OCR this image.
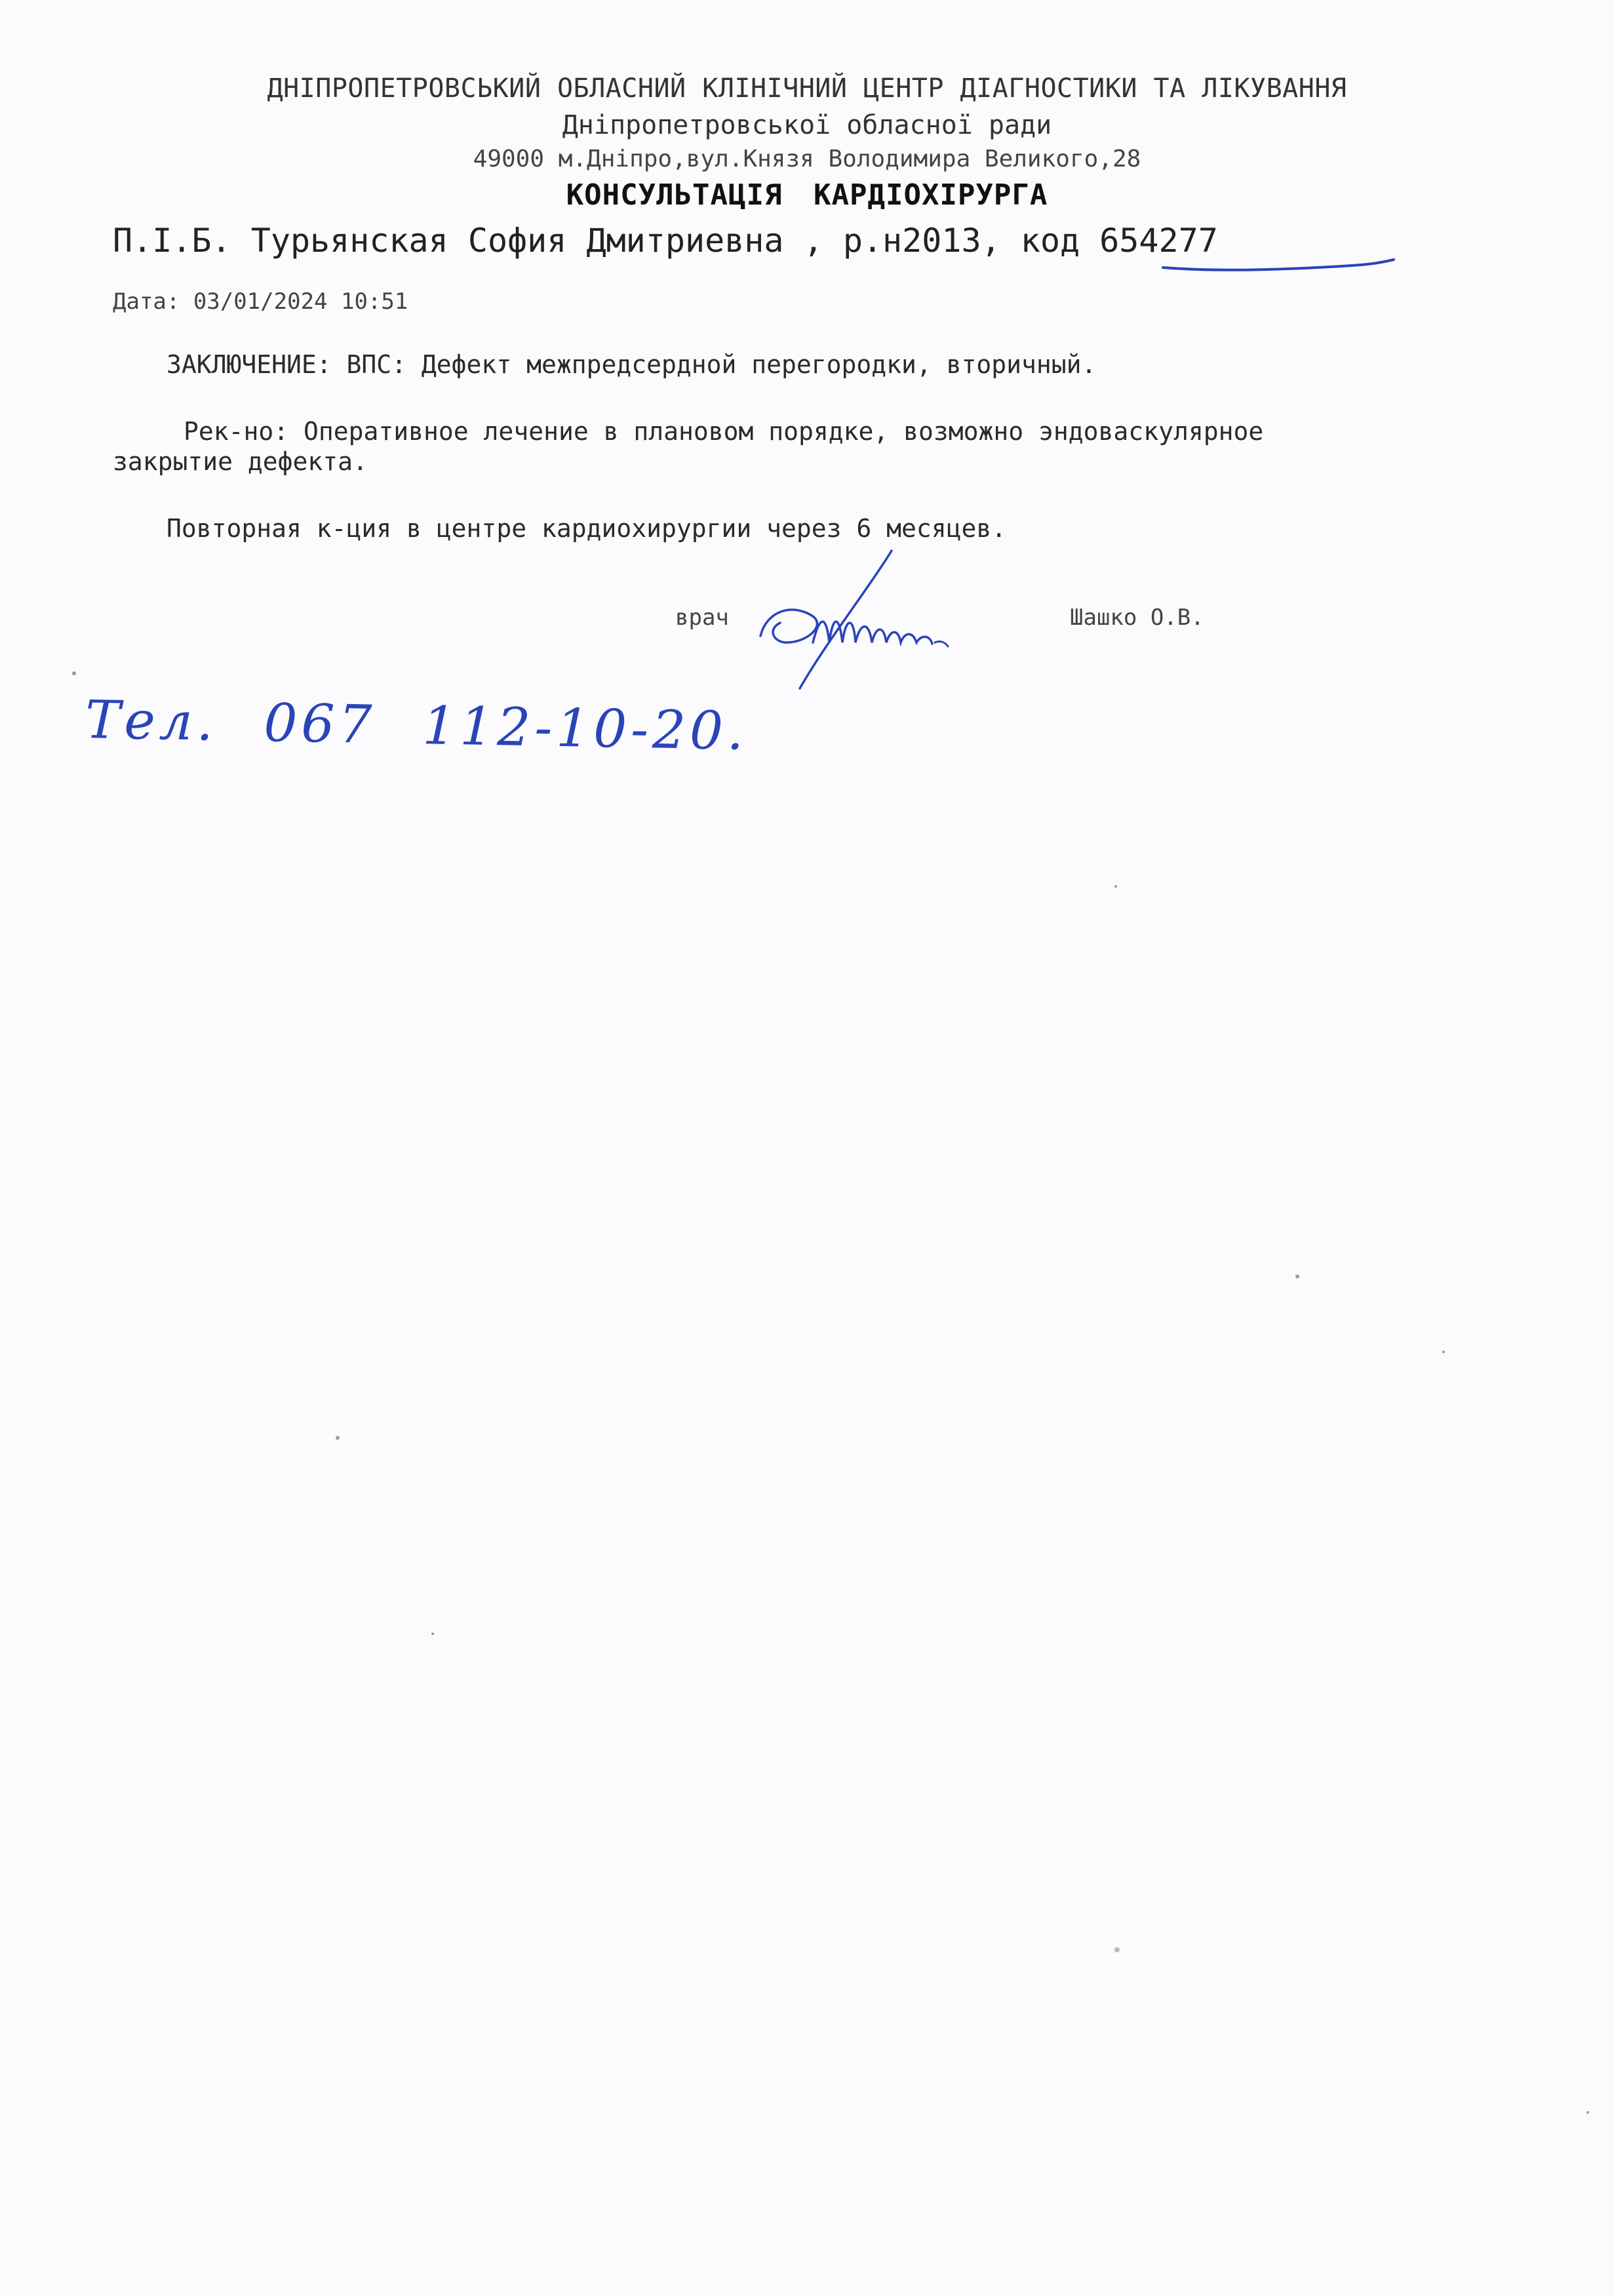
ДНІПРОПЕТРОВСЬКИЙ ОБЛАСНИЙ КЛІНІЧНИЙ ЦЕНТР ДІАГНОСТИКИ ТА ЛІКУВАННЯ

Дніпропетровської обласної ради

49000 м.Дніпро,вул.Князя Володимира Великого,28

КОНСУЛЬТАЦІЯ КАРДІОХІРУРГА

П.І.Б. Турьянская София Дмитриевна , р.н2013, код 654277

Дата: 03/01/2024 10:51

ЗАКЛЮЧЕНИЕ: ВПС: Дефект межпредсердной перегородки, вторичный.

Рек-но: Оперативное лечение в плановом порядке, возможно эндоваскулярное

закрытие дефекта.

Повторная к-ция в центре кардиохирургии через 6 месяцев.

врач	Шашко О.В.

Тел. 067 112-10-20.
